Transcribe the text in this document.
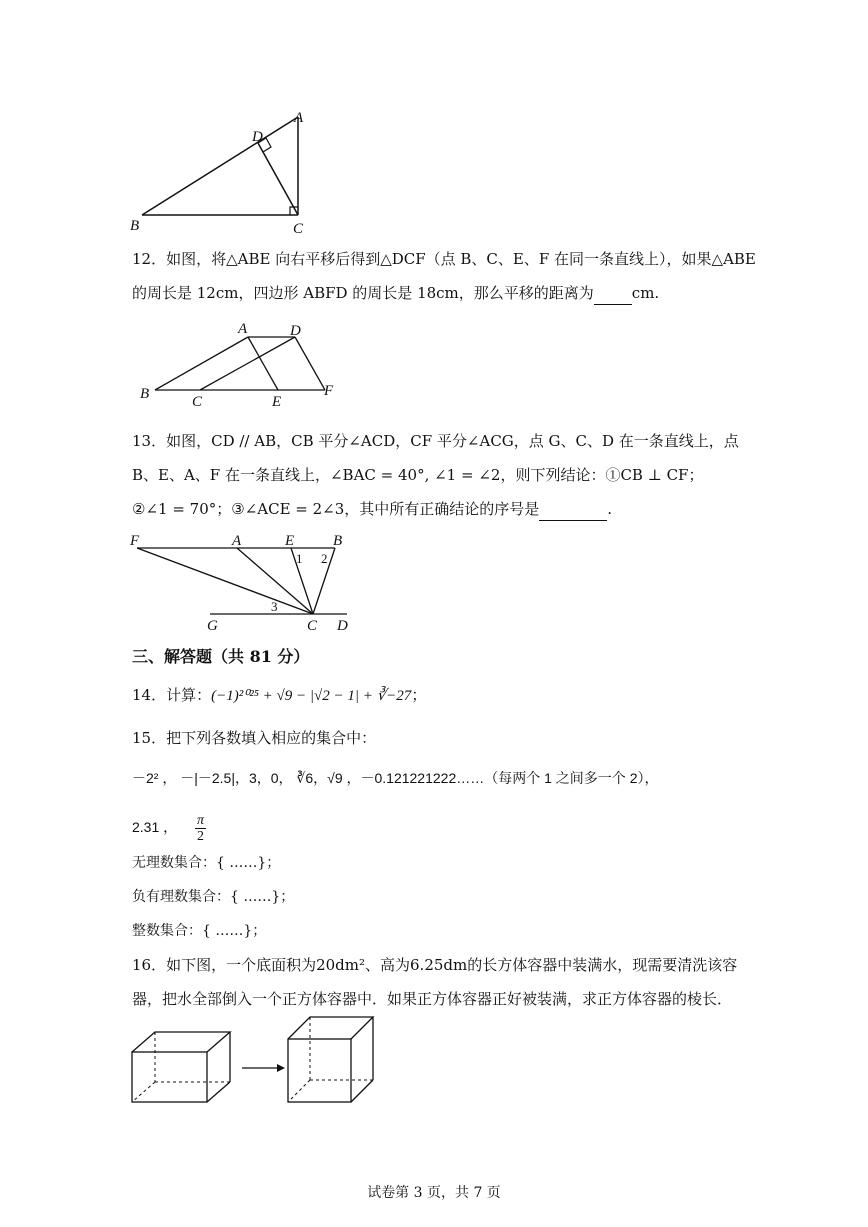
A
B	C
D
12．如图，将△ABE 向右平移后得到△DCF（点 B、C、E、F 在同一条直线上），如果△ABE
的周长是 12cm，四边形 ABFD 的周长是 18cm，那么平移的距离为	cm.
A	D
B	C	E
F
13．如图，CD // AB，CB 平分∠ACD，CF 平分∠ACG，点 G、C、D 在一条直线上，点
B、E、A、F 在一条直线上，∠BAC = 40°, ∠1 = ∠2，则下列结论：①CB ⊥ CF；
②∠1 = 70°；③∠ACE = 2∠3，其中所有正确结论的序号是	.
F	A	E	B
1 2
3
G	C D
三、解答题（共 81 分）
14．计算：(−1)²⁰²⁵ + √9 − |√2 − 1| + ∛−27；
15．把下列各数填入相应的集合中：
－2² ， －|－2.5|，3，0， ∛6，√9 ，－0.121221222……（每两个 1 之间多一个 2），
2.31 ， $\frac{\pi}{2}$
无理数集合：{ ……}；
负有理数集合：{ ……}；
整数集合：{ ……}；
16．如下图，一个底面积为20dm²、高为6.25dm的长方体容器中装满水，现需要清洗该容
器，把水全部倒入一个正方体容器中．如果正方体容器正好被装满，求正方体容器的棱长．
试卷第 3 页，共 7 页
